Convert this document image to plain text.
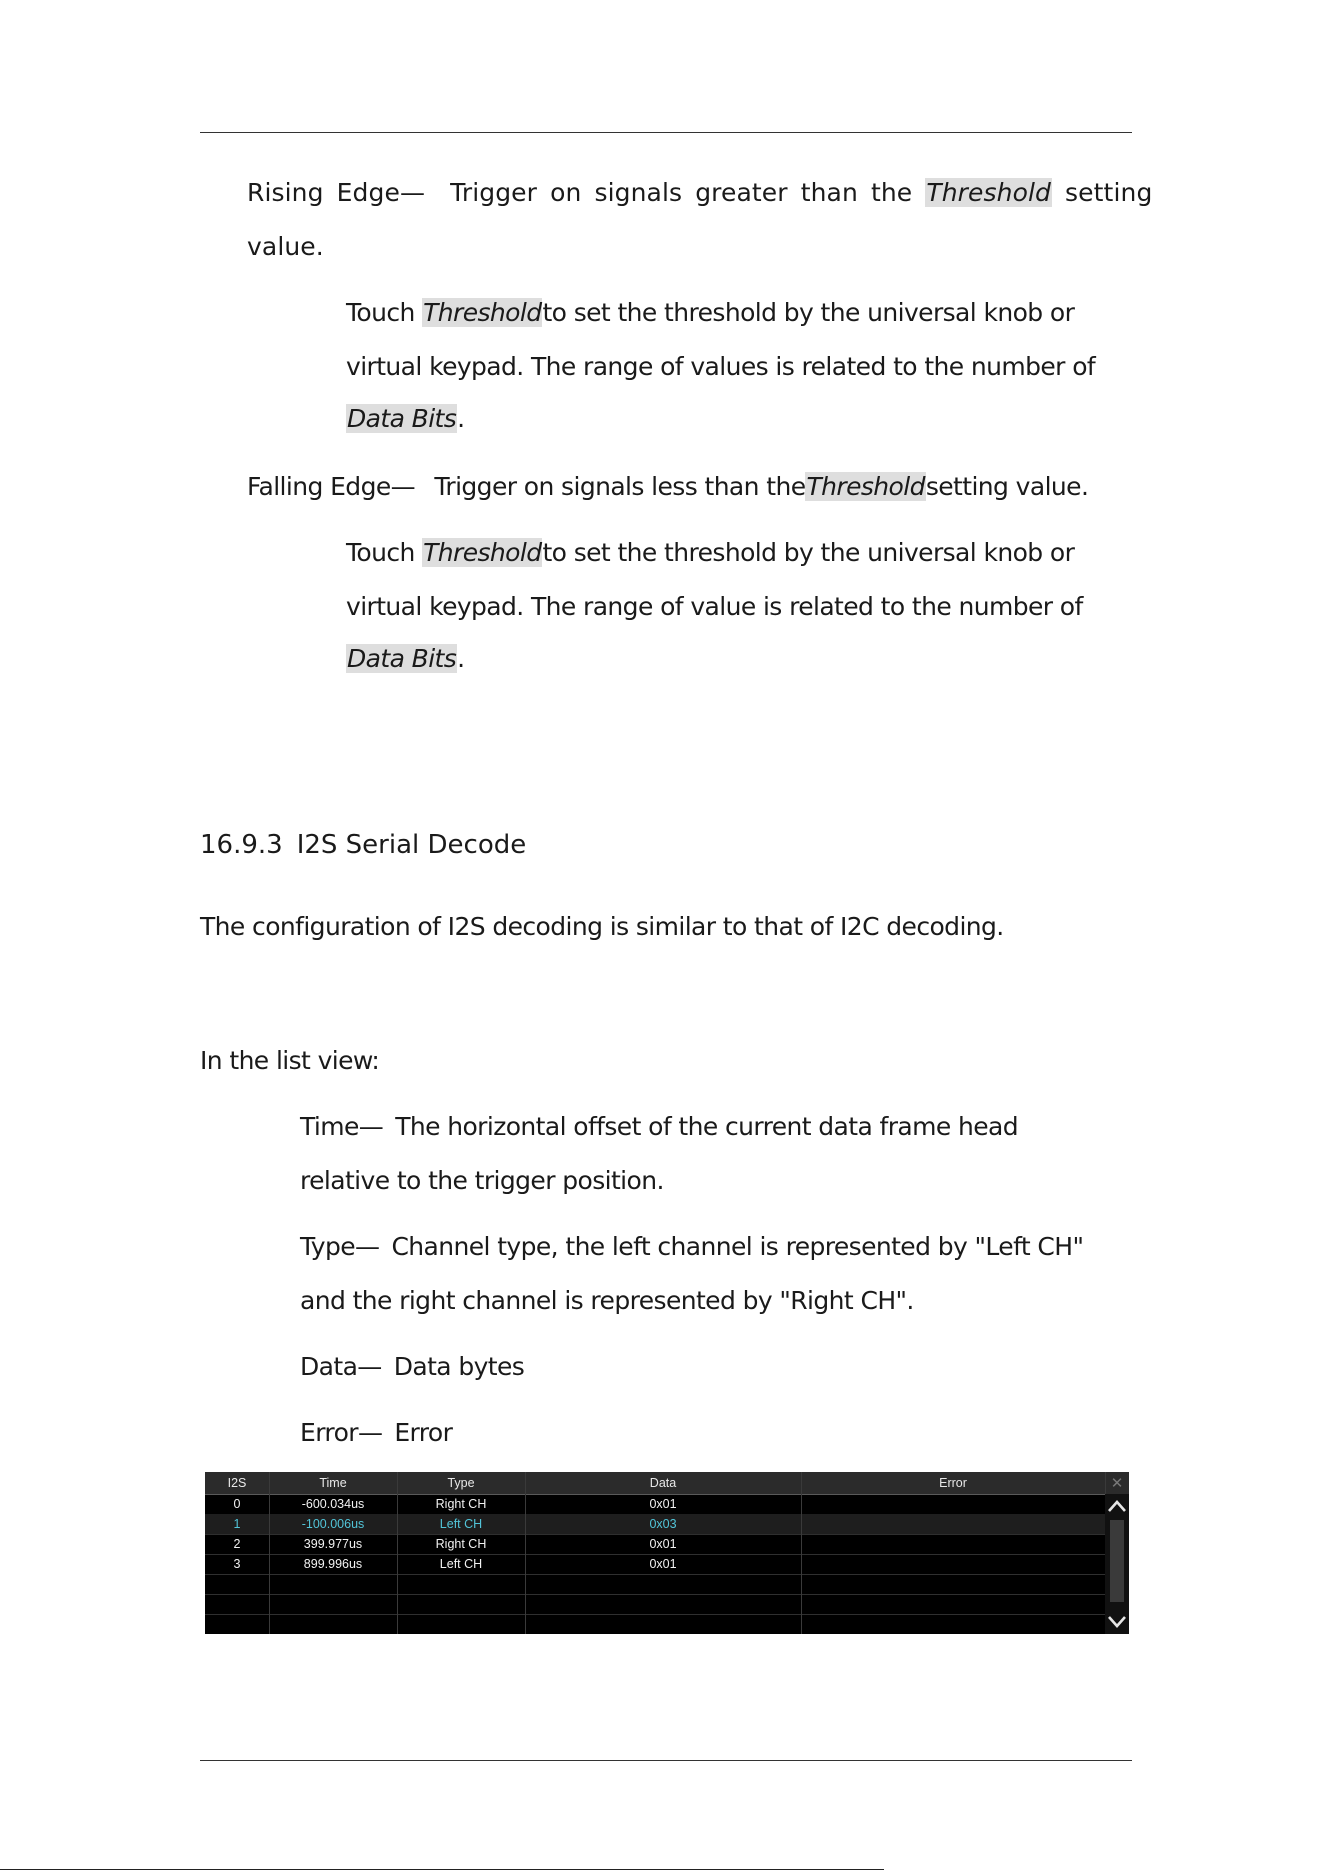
Rising Edge— Trigger on signals greater than the Threshold setting
value.
Touch Thresholdto set the threshold by the universal knob or
virtual keypad. The range of values is related to the number of
Data Bits.
Falling Edge— Trigger on signals less than theThresholdsetting value.
Touch Thresholdto set the threshold by the universal knob or
virtual keypad. The range of value is related to the number of
Data Bits.
16.9.3 I2S Serial Decode
The configuration of I2S decoding is similar to that of I2C decoding.
In the list view:
Time— The horizontal offset of the current data frame head
relative to the trigger position.
Type— Channel type, the left channel is represented by "Left CH"
and the right channel is represented by "Right CH".
Data— Data bytes
Error— Error
I2S	Time	Type	Data	Error
0	-600.034us	Right CH	0x01
1	-100.006us	Left CH	0x03
2	399.977us	Right CH	0x01
3	899.996us	Left CH	0x01
✕
